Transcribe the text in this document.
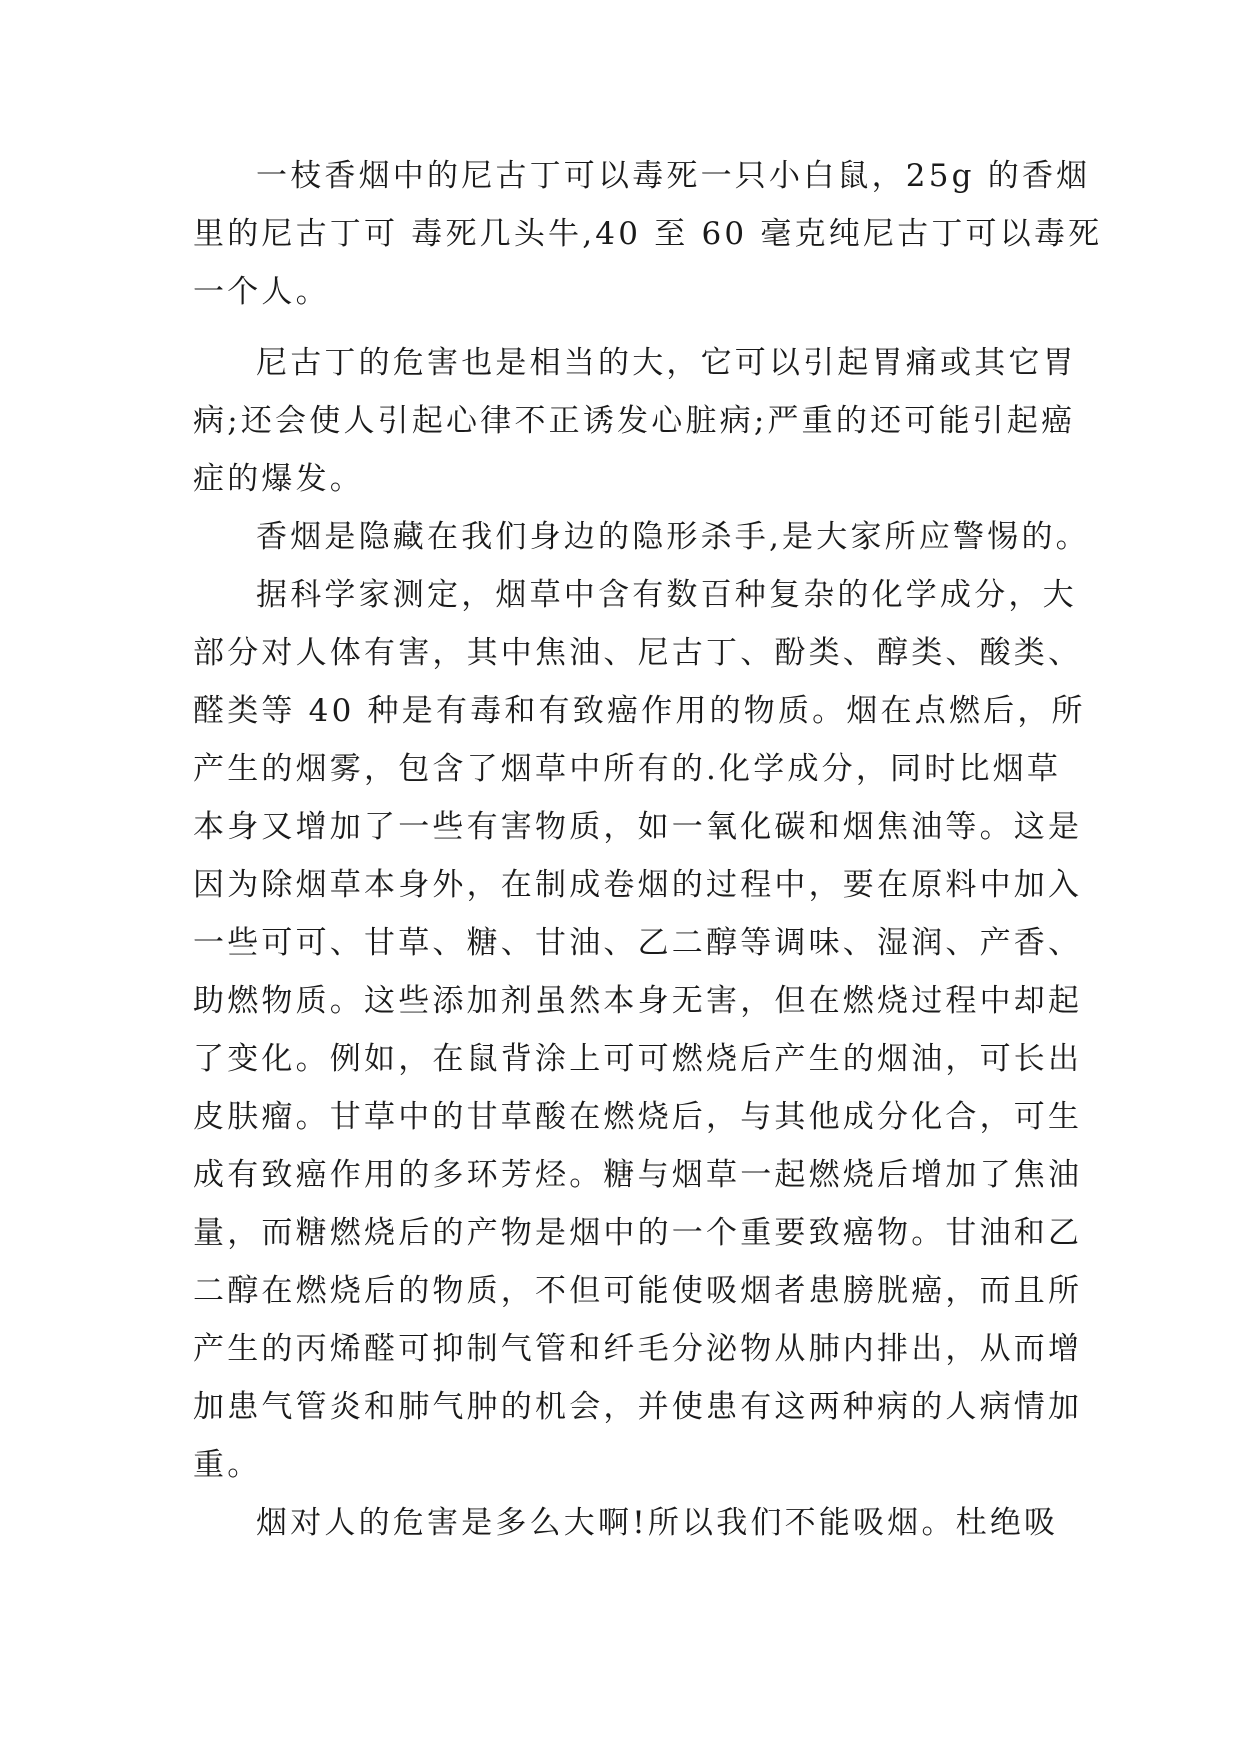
一枝香烟中的尼古丁可以毒死一只小白鼠，25g 的香烟
里的尼古丁可 毒死几头牛,40 至 60 毫克纯尼古丁可以毒死
一个人。
尼古丁的危害也是相当的大，它可以引起胃痛或其它胃
病;还会使人引起心律不正诱发心脏病;严重的还可能引起癌
症的爆发。
香烟是隐藏在我们身边的隐形杀手,是大家所应警惕的。
据科学家测定，烟草中含有数百种复杂的化学成分，大
部分对人体有害，其中焦油、尼古丁、酚类、醇类、酸类、
醛类等 40 种是有毒和有致癌作用的物质。烟在点燃后，所
产生的烟雾，包含了烟草中所有的.化学成分，同时比烟草
本身又增加了一些有害物质，如一氧化碳和烟焦油等。这是
因为除烟草本身外，在制成卷烟的过程中，要在原料中加入
一些可可、甘草、糖、甘油、乙二醇等调味、湿润、产香、
助燃物质。这些添加剂虽然本身无害，但在燃烧过程中却起
了变化。例如，在鼠背涂上可可燃烧后产生的烟油，可长出
皮肤瘤。甘草中的甘草酸在燃烧后，与其他成分化合，可生
成有致癌作用的多环芳烃。糖与烟草一起燃烧后增加了焦油
量，而糖燃烧后的产物是烟中的一个重要致癌物。甘油和乙
二醇在燃烧后的物质，不但可能使吸烟者患膀胱癌，而且所
产生的丙烯醛可抑制气管和纤毛分泌物从肺内排出，从而增
加患气管炎和肺气肿的机会，并使患有这两种病的人病情加
重。
烟对人的危害是多么大啊!所以我们不能吸烟。杜绝吸
